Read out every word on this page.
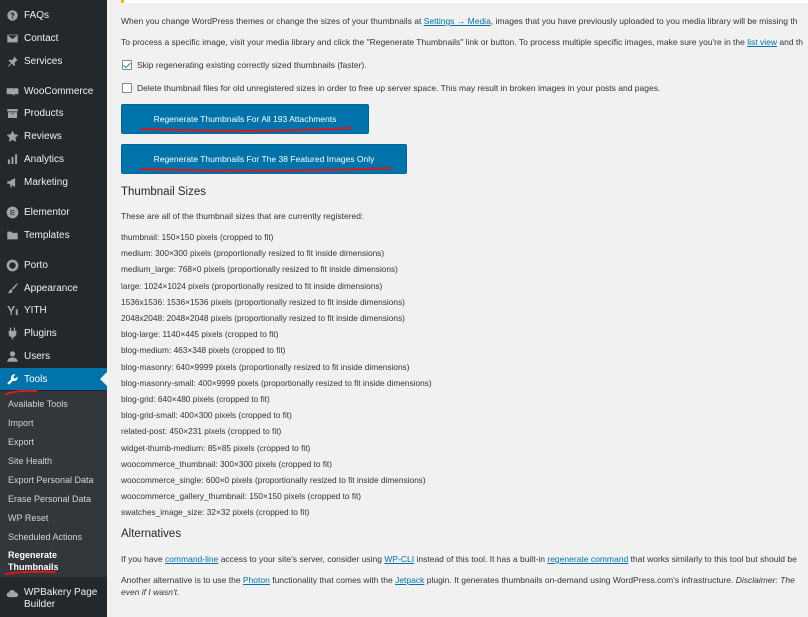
FAQs
Contact
Services
WooCommerce
Products
Reviews
Analytics
Marketing
Elementor
Templates
Porto
Appearance
YITH
Plugins
Users
Tools
Available Tools
Import
Export
Site Health
Export Personal Data
Erase Personal Data
WP Reset
Scheduled Actions
Regenerate
Thumbnails
WPBakery Page
Builder
When you change WordPress themes or change the sizes of your thumbnails at Settings → Media, images that you have previously uploaded to you media library will be missing th
To process a specific image, visit your media library and click the "Regenerate Thumbnails" link or button. To process multiple specific images, make sure you're in the list view and th
Skip regenerating existing correctly sized thumbnails (faster).
Delete thumbnail files for old unregistered sizes in order to free up server space. This may result in broken images in your posts and pages.
Regenerate Thumbnails For All 193 Attachments
Regenerate Thumbnails For The 38 Featured Images Only
Thumbnail Sizes
These are all of the thumbnail sizes that are currently registered:
thumbnail: 150×150 pixels (cropped to fit)
medium: 300×300 pixels (proportionally resized to fit inside dimensions)
medium_large: 768×0 pixels (proportionally resized to fit inside dimensions)
large: 1024×1024 pixels (proportionally resized to fit inside dimensions)
1536x1536: 1536×1536 pixels (proportionally resized to fit inside dimensions)
2048x2048: 2048×2048 pixels (proportionally resized to fit inside dimensions)
blog-large: 1140×445 pixels (cropped to fit)
blog-medium: 463×348 pixels (cropped to fit)
blog-masonry: 640×9999 pixels (proportionally resized to fit inside dimensions)
blog-masonry-small: 400×9999 pixels (proportionally resized to fit inside dimensions)
blog-grid: 640×480 pixels (cropped to fit)
blog-grid-small: 400×300 pixels (cropped to fit)
related-post: 450×231 pixels (cropped to fit)
widget-thumb-medium: 85×85 pixels (cropped to fit)
woocommerce_thumbnail: 300×300 pixels (cropped to fit)
woocommerce_single: 600×0 pixels (proportionally resized to fit inside dimensions)
woocommerce_gallery_thumbnail: 150×150 pixels (cropped to fit)
swatches_image_size: 32×32 pixels (cropped to fit)
Alternatives
If you have command-line access to your site's server, consider using WP-CLI instead of this tool. It has a built-in regenerate command that works similarly to this tool but should be
Another alternative is to use the Photon functionality that comes with the Jetpack plugin. It generates thumbnails on-demand using WordPress.com's infrastructure. Disclaimer: The
even if I wasn't.
